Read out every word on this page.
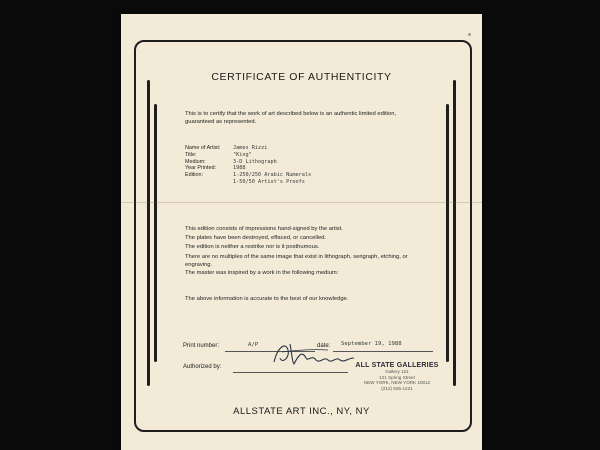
CERTIFICATE OF AUTHENTICITY
This is to certify that the work of art described below is an authentic limited edition, guaranteed as represented.
Name of Artist:	James Rizzi
Title:	"King"
Medium:	3-D Lithograph
Year Printed:	1988
Edition:	1-250/250 Arabic Numerals
1-50/50 Artist's Proofs

This edition consists of impressions hand-signed by the artist.

The plates have been destroyed, effaced, or cancelled.

The edition is neither a restrike nor is it posthumous.

There are no multiples of the same image that exist in lithograph, serigraph, etching, or engraving.

The master was inspired by a work in the following medium:

The above information is accurate to the best of our knowledge.
Print number:	A/P	date: September 19, 1988
Authorized by:	ALL STATE GALLERIES
Gallery 121
121 Spring Street
NEW YORK, NEW YORK 10012
(212) 925-1221
ALLSTATE ART INC., NY, NY
